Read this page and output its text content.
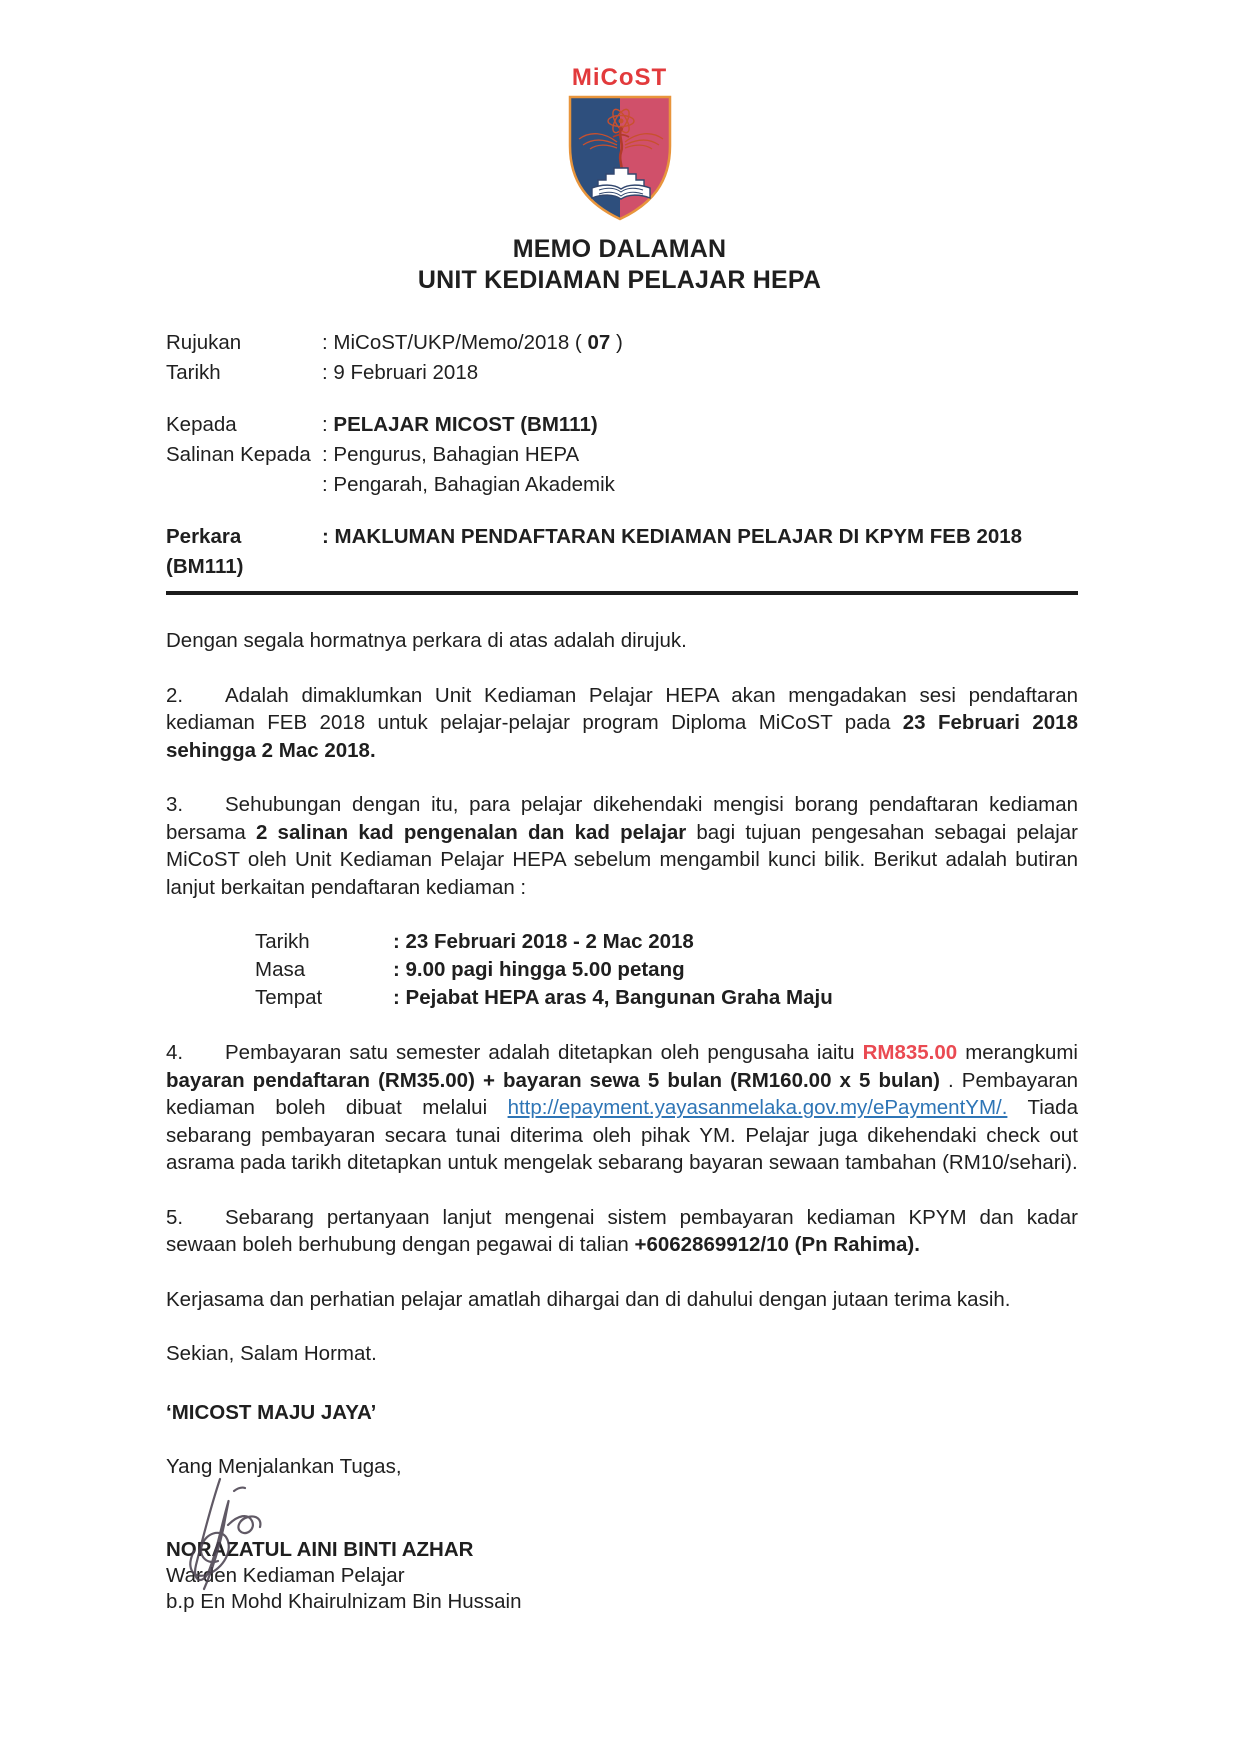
MiCoST
MEMO DALAMAN
UNIT KEDIAMAN PELAJAR HEPA
Rujukan	: MiCoST/UKP/Memo/2018 ( 07 )
Tarikh	: 9 Februari 2018
Kepada	: PELAJAR MICOST (BM111)
Salinan Kepada : Pengurus, Bahagian HEPA
: Pengarah, Bahagian Akademik
Perkara	: MAKLUMAN PENDAFTARAN KEDIAMAN PELAJAR DI KPYM FEB 2018 (BM111)

Dengan segala hormatnya perkara di atas adalah dirujuk.

2. Adalah dimaklumkan Unit Kediaman Pelajar HEPA akan mengadakan sesi pendaftaran kediaman FEB 2018 untuk pelajar-pelajar program Diploma MiCoST pada 23 Februari 2018 sehingga 2 Mac 2018.

3. Sehubungan dengan itu, para pelajar dikehendaki mengisi borang pendaftaran kediaman bersama 2 salinan kad pengenalan dan kad pelajar bagi tujuan pengesahan sebagai pelajar MiCoST oleh Unit Kediaman Pelajar HEPA sebelum mengambil kunci bilik. Berikut adalah butiran lanjut berkaitan pendaftaran kediaman :

Tarikh	: 23 Februari 2018 - 2 Mac 2018
Masa	: 9.00 pagi hingga 5.00 petang
Tempat	: Pejabat HEPA aras 4, Bangunan Graha Maju

4. Pembayaran satu semester adalah ditetapkan oleh pengusaha iaitu RM835.00 merangkumi bayaran pendaftaran (RM35.00) + bayaran sewa 5 bulan (RM160.00 x 5 bulan) . Pembayaran kediaman boleh dibuat melalui http://epayment.yayasanmelaka.gov.my/ePaymentYM/. Tiada sebarang pembayaran secara tunai diterima oleh pihak YM. Pelajar juga dikehendaki check out asrama pada tarikh ditetapkan untuk mengelak sebarang bayaran sewaan tambahan (RM10/sehari).

5. Sebarang pertanyaan lanjut mengenai sistem pembayaran kediaman KPYM dan kadar sewaan boleh berhubung dengan pegawai di talian +6062869912/10 (Pn Rahima).

Kerjasama dan perhatian pelajar amatlah dihargai dan di dahului dengan jutaan terima kasih.

Sekian, Salam Hormat.

‘MICOST MAJU JAYA’

Yang Menjalankan Tugas,

NORAZATUL AINI BINTI AZHAR
Warden Kediaman Pelajar
b.p En Mohd Khairulnizam Bin Hussain
